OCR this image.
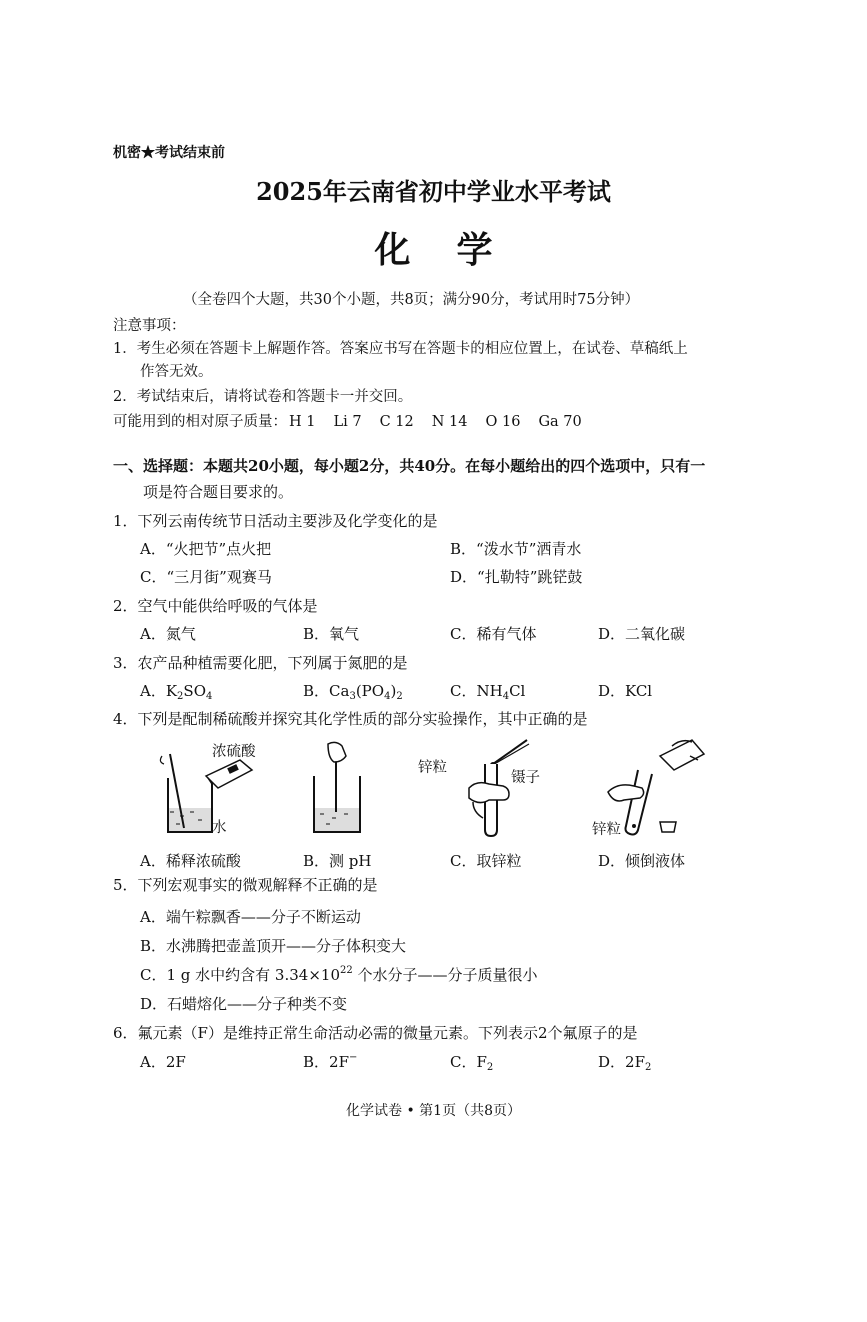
机密★考试结束前
2025年云南省初中学业水平考试
化学
（全卷四个大题，共30个小题，共8页；满分90分，考试用时75分钟）
注意事项：
1．考生必须在答题卡上解题作答。答案应书写在答题卡的相应位置上，在试卷、草稿纸上
作答无效。
2．考试结束后，请将试卷和答题卡一并交回。
可能用到的相对原子质量： H 1 Li 7 C 12 N 14 O 16 Ga 70
一、选择题：本题共20小题，每小题2分，共40分。在每小题给出的四个选项中，只有一
项是符合题目要求的。
1．下列云南传统节日活动主要涉及化学变化的是
A．“火把节”点火把	B．“泼水节”洒青水
C．“三月街”观赛马	D．“扎勒特”跳铓鼓
2．空气中能供给呼吸的气体是
A．氮气	B．氧气	C．稀有气体	D．二氧化碳
3．农产品种植需要化肥，下列属于氮肥的是
A．$K_2SO_4$	B．$Ca_3(PO_4)_2$	C．$NH_4Cl$	D．KCl
4．下列是配制稀硫酸并探究其化学性质的部分实验操作，其中正确的是
浓硫酸
水
锌粒
镊子
锌粒
A．稀释浓硫酸	B．测 pH	C．取锌粒	D．倾倒液体
5．下列宏观事实的微观解释不正确的是
A．端午粽飘香——分子不断运动
B．水沸腾把壶盖顶开——分子体积变大
C．1 g 水中约含有 $3.34\times 10^{22}$ 个水分子——分子质量很小
D．石蜡熔化——分子种类不变
6．氟元素（F）是维持正常生命活动必需的微量元素。下列表示2个氟原子的是
A．2F	B．2F−	C．$F_2$	D．$2F_2$
化学试卷 • 第1页（共8页）
